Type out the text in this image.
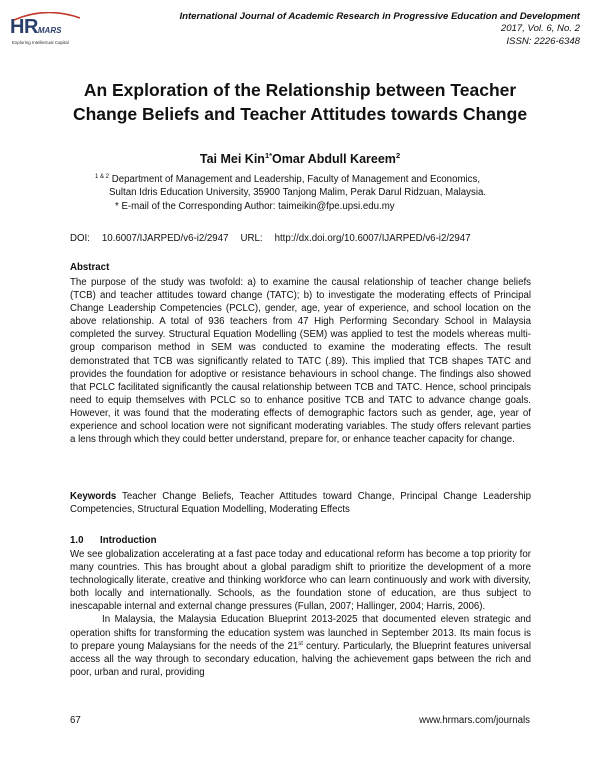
HRMARS
Exploring Intellectual Capital
International Journal of Academic Research in Progressive Education and Development
2017, Vol. 6, No. 2
ISSN: 2226-6348
An Exploration of the Relationship between Teacher
Change Beliefs and Teacher Attitudes towards Change
Tai Mei Kin$^{1*}$Omar Abdull Kareem$^2$
$^{1 \& 2}$ Department of Management and Leadership, Faculty of Management and Economics,
Sultan Idris Education University, 35900 Tanjong Malim, Perak Darul Ridzuan, Malaysia.
* E-mail of the Corresponding Author: taimeikin@fpe.upsi.edu.my
DOI: 10.6007/IJARPED/v6-i2/2947 URL: http://dx.doi.org/10.6007/IJARPED/v6-i2/2947
Abstract

The purpose of the study was twofold: a) to examine the causal relationship of teacher change beliefs (TCB) and teacher attitudes toward change (TATC); b) to investigate the moderating effects of Principal Change Leadership Competencies (PCLC), gender, age, year of experience, and school location on the above relationship. A total of 936 teachers from 47 High Performing Secondary School in Malaysia completed the survey. Structural Equation Modelling (SEM) was applied to test the models whereas multi-group comparison method in SEM was conducted to examine the moderating effects. The result demonstrated that TCB was significantly related to TATC (.89). This implied that TCB shapes TATC and provides the foundation for adoptive or resistance behaviours in school change. The findings also showed that PCLC facilitated significantly the causal relationship between TCB and TATC. Hence, school principals need to equip themselves with PCLC so to enhance positive TCB and TATC to advance change goals. However, it was found that the moderating effects of demographic factors such as gender, age, year of experience and school location were not significant moderating variables. The study offers relevant parties a lens through which they could better understand, prepare for, or enhance teacher capacity for change.

Keywords Teacher Change Beliefs, Teacher Attitudes toward Change, Principal Change Leadership Competencies, Structural Equation Modelling, Moderating Effects

1.0 Introduction

We see globalization accelerating at a fast pace today and educational reform has become a top priority for many countries. This has brought about a global paradigm shift to prioritize the development of a more technologically literate, creative and thinking workforce who can learn continuously and work with diversity, both locally and internationally. Schools, as the foundation stone of education, are thus subject to inescapable internal and external change pressures (Fullan, 2007; Hallinger, 2004; Harris, 2006).

In Malaysia, the Malaysia Education Blueprint 2013-2025 that documented eleven strategic and operation shifts for transforming the education system was launched in September 2013. Its main focus is to prepare young Malaysians for the needs of the 21st century. Particularly, the Blueprint features universal access all the way through to secondary education, halving the achievement gaps between the rich and poor, urban and rural, providing

67	www.hrmars.com/journals
